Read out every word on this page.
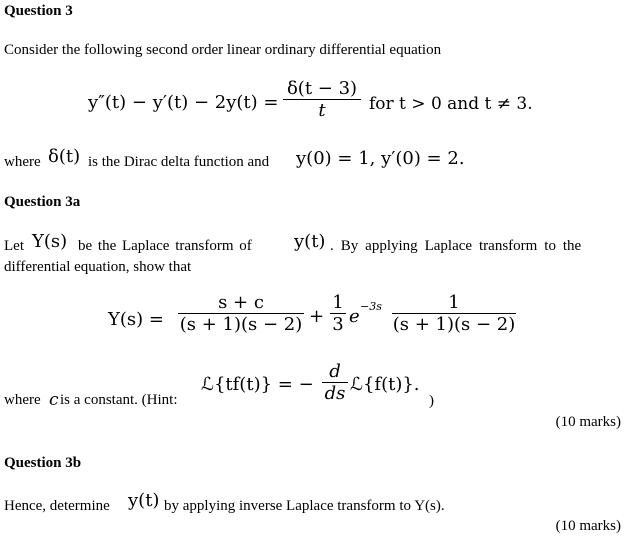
Question 3
Consider the following second order linear ordinary differential equation
y″(t) − y′(t) − 2y(t) =
δ(t − 3)
t	for t > 0 and t ≠ 3.
where δ(t) is the Dirac delta function and y(0) = 1, y′(0) = 2.
Question 3a
Let Y(s) be the Laplace transform of y(t) . By applying Laplace transform to the
differential equation, show that
Y(s) =
s + c
(s + 1)(s − 2) +
1
3 e −3s	1
(s + 1)(s − 2)
where c is a constant. (Hint:
ℒ{tf(t)} = −
d
ds ℒ{f(t)}.
)
(10 marks)
Question 3b
Hence, determine y(t) by applying inverse Laplace transform to Y(s).
(10 marks)
